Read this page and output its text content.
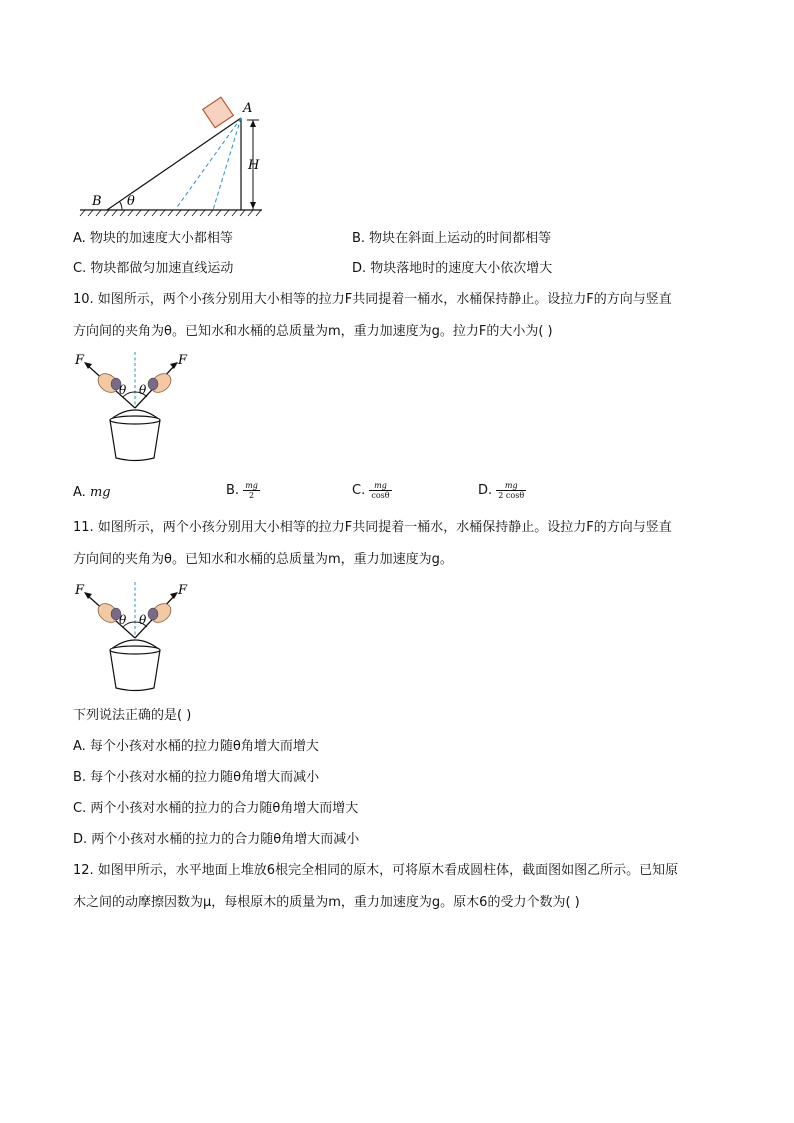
A
H
B θ
A. 物块的加速度大小都相等	B. 物块在斜面上运动的时间都相等
C. 物块都做匀加速直线运动	D. 物块落地时的速度大小依次增大
10. 如图所示，两个小孩分别用大小相等的拉力F共同提着一桶水，水桶保持静止。设拉力F的方向与竖直
方向间的夹角为θ。已知水和水桶的总质量为m，重力加速度为g。拉力F的大小为( )
F	F
θ θ
A. mg	B. $\frac{mg}{2}$	C. $\frac{mg}{\cos\theta}$	D. $\frac{mg}{2 \cos\theta}$
11. 如图所示，两个小孩分别用大小相等的拉力F共同提着一桶水，水桶保持静止。设拉力F的方向与竖直
方向间的夹角为θ。已知水和水桶的总质量为m，重力加速度为g。
F	F
θ θ
下列说法正确的是( )
A. 每个小孩对水桶的拉力随θ角增大而增大
B. 每个小孩对水桶的拉力随θ角增大而减小
C. 两个小孩对水桶的拉力的合力随θ角增大而增大
D. 两个小孩对水桶的拉力的合力随θ角增大而减小
12. 如图甲所示，水平地面上堆放6根完全相同的原木，可将原木看成圆柱体，截面图如图乙所示。已知原
木之间的动摩擦因数为μ，每根原木的质量为m，重力加速度为g。原木6的受力个数为( )
